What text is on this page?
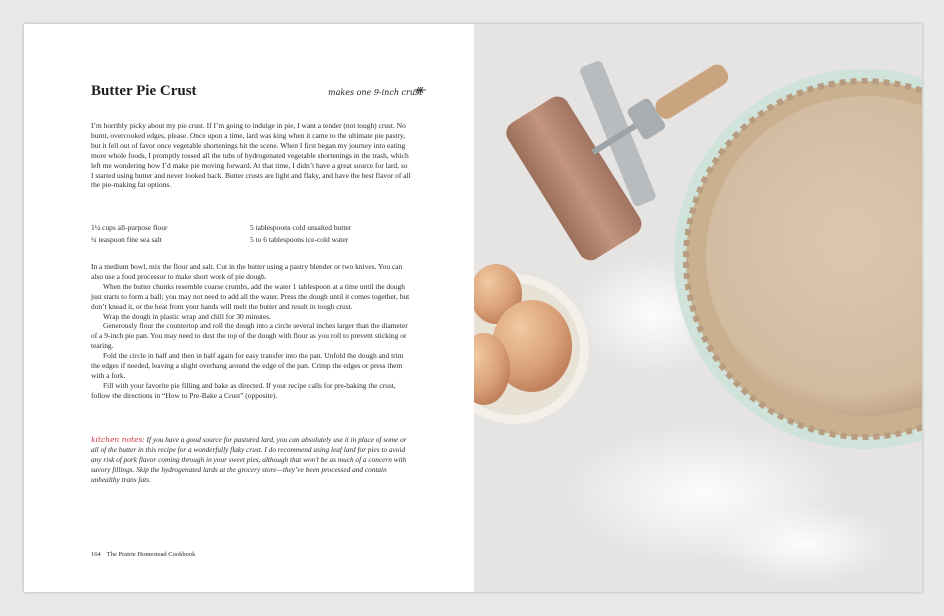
Butter Pie Crust	makes one 9-inch crust
I’m horribly picky about my pie crust. If I’m going to indulge in pie, I want a tender (not tough) crust. No burnt, overcooked edges, please. Once upon a time, lard was king when it came to the ultimate pie pastry, but it fell out of favor once vegetable shortenings hit the scene. When I first began my journey into eating more whole foods, I promptly tossed all the tubs of hydrogenated vegetable shortenings in the trash, which left me wondering how I’d make pie moving forward. At that time, I didn’t have a great source for lard, so I started using butter and never looked back. Butter crusts are light and flaky, and have the best flavor of all the pie-making fat options.
1¼ cups all-purpose flour
¼ teaspoon fine sea salt
5 tablespoons cold unsalted butter
5 to 6 tablespoons ice-cold water

In a medium bowl, mix the flour and salt. Cut in the butter using a pastry blender or two knives. You can also use a food processor to make short work of pie dough.

When the butter chunks resemble coarse crumbs, add the water 1 tablespoon at a time until the dough just starts to form a ball; you may not need to add all the water. Press the dough until it comes together, but don’t knead it, or the heat from your hands will melt the butter and result in tough crust.

Wrap the dough in plastic wrap and chill for 30 minutes.

Generously flour the countertop and roll the dough into a circle several inches larger than the diameter of a 9-inch pie pan. You may need to dust the top of the dough with flour as you roll to prevent sticking or tearing.

Fold the circle in half and then in half again for easy transfer into the pan. Unfold the dough and trim the edges if needed, leaving a slight overhang around the edge of the pan. Crimp the edges or press them with a fork.

Fill with your favorite pie filling and bake as directed. If your recipe calls for pre-baking the crust, follow the directions in “How to Pre-Bake a Crust” (opposite).

kitchen notes: If you have a good source for pastured lard, you can absolutely use it in place of some or all of the butter in this recipe for a wonderfully flaky crust. I do recommend using leaf lard for pies to avoid any risk of pork flavor coming through in your sweet pies, although that won’t be as much of a concern with savory fillings. Skip the hydrogenated lards at the grocery store—they’ve been processed and contain unhealthy trans fats.
164 The Prairie Homestead Cookbook
